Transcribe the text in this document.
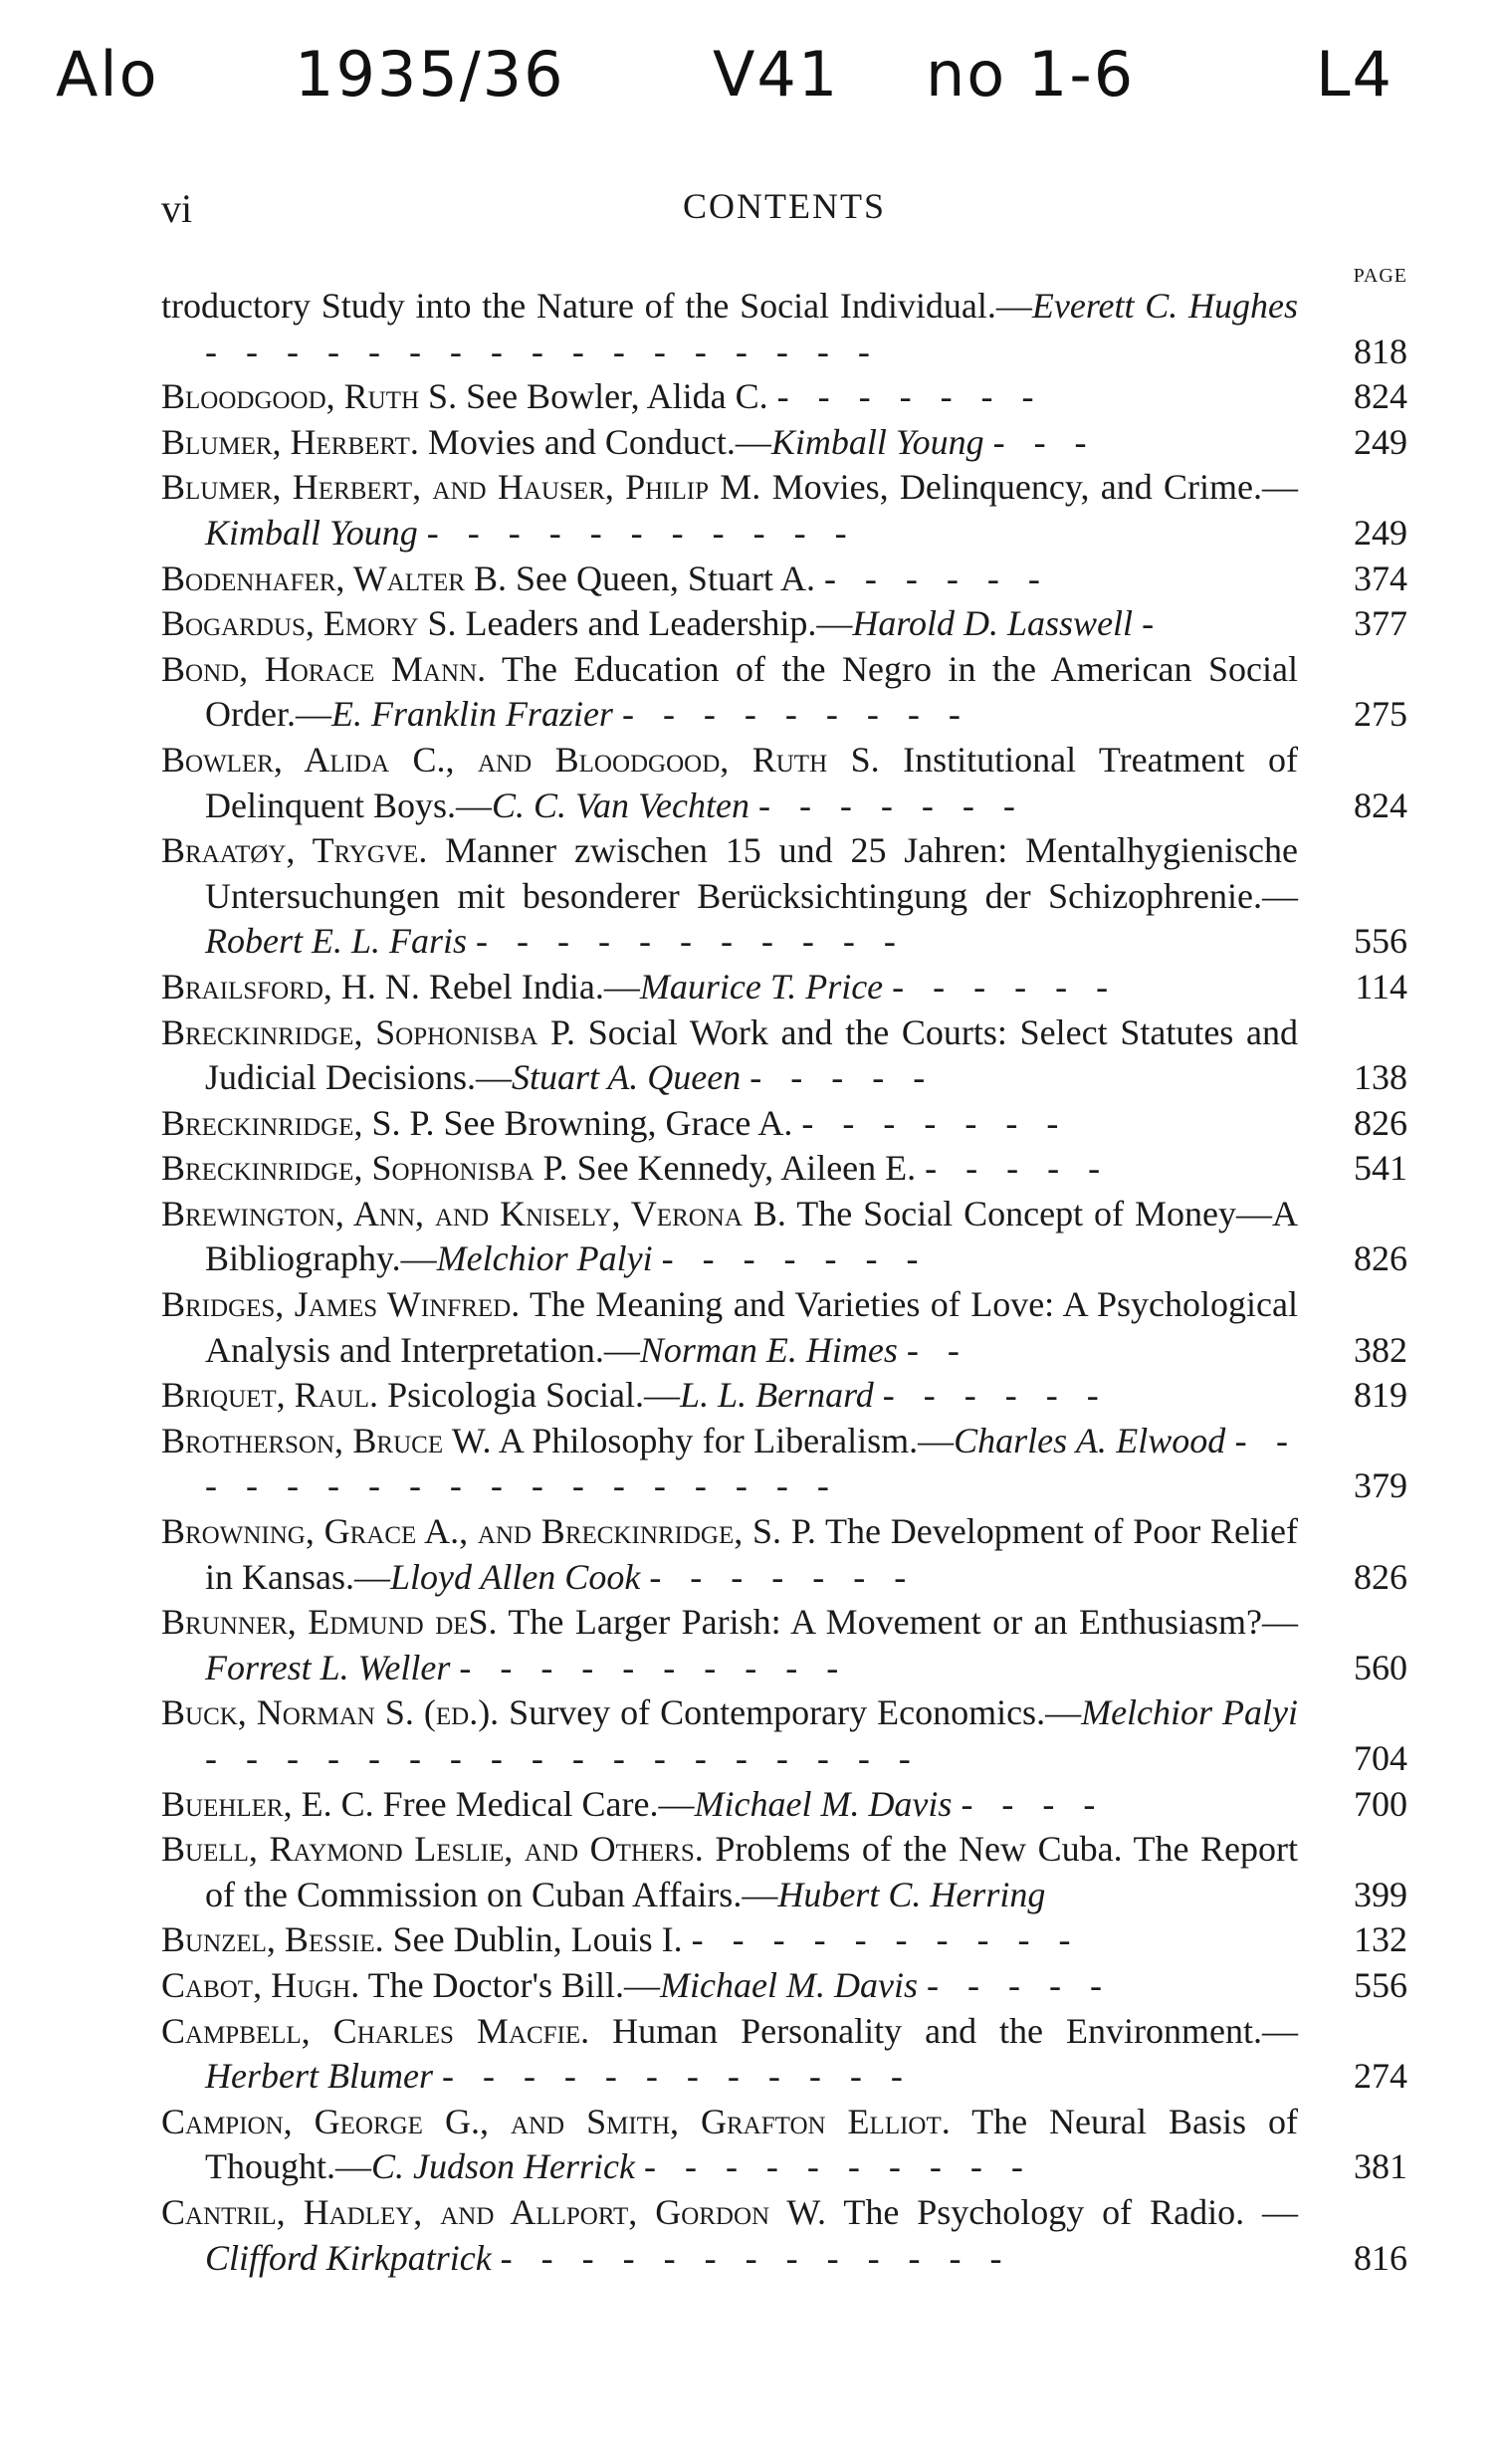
Alo 1935/36 V41 no 1-6	L4
vi	CONTENTS
PAGE
troductory Study into the Nature of the Social Individual.—Everett C. Hughes - - - - - - - - - - - - - - - - -	818
Bloodgood, Ruth S. See Bowler, Alida C. - - - - - - -	824
Blumer, Herbert. Movies and Conduct.—Kimball Young - - -	249
Blumer, Herbert, and Hauser, Philip M. Movies, Delinquency, and Crime.—Kimball Young - - - - - - - - - - -	249
Bodenhafer, Walter B. See Queen, Stuart A. - - - - - -	374
Bogardus, Emory S. Leaders and Leadership.—Harold D. Lasswell -	377
Bond, Horace Mann. The Education of the Negro in the American Social Order.—E. Franklin Frazier - - - - - - - - -	275
Bowler, Alida C., and Bloodgood, Ruth S. Institutional Treatment of Delinquent Boys.—C. C. Van Vechten - - - - - - -	824
Braatøy, Trygve. Manner zwischen 15 und 25 Jahren: Mentalhygienische Untersuchungen mit besonderer Berücksichtingung der Schizophrenie.—Robert E. L. Faris - - - - - - - - - - -	556
Brailsford, H. N. Rebel India.—Maurice T. Price - - - - - -	114
Breckinridge, Sophonisba P. Social Work and the Courts: Select Statutes and Judicial Decisions.—Stuart A. Queen - - - - -	138
Breckinridge, S. P. See Browning, Grace A. - - - - - - -	826
Breckinridge, Sophonisba P. See Kennedy, Aileen E. - - - - -	541
Brewington, Ann, and Knisely, Verona B. The Social Concept of Money—A Bibliography.—Melchior Palyi - - - - - - -	826
Bridges, James Winfred. The Meaning and Varieties of Love: A Psychological Analysis and Interpretation.—Norman E. Himes - -	382
Briquet, Raul. Psicologia Social.—L. L. Bernard - - - - - -	819
Brotherson, Bruce W. A Philosophy for Liberalism.—Charles A. Elwood - - - - - - - - - - - - - - - - - -	379
Browning, Grace A., and Breckinridge, S. P. The Development of Poor Relief in Kansas.—Lloyd Allen Cook - - - - - - -	826
Brunner, Edmund deS. The Larger Parish: A Movement or an Enthusiasm?—Forrest L. Weller - - - - - - - - - -	560
Buck, Norman S. (ed.). Survey of Contemporary Economics.—Melchior Palyi - - - - - - - - - - - - - - - - - -	704
Buehler, E. C. Free Medical Care.—Michael M. Davis - - - -	700
Buell, Raymond Leslie, and Others. Problems of the New Cuba. The Report of the Commission on Cuban Affairs.—Hubert C. Herring	399
Bunzel, Bessie. See Dublin, Louis I. - - - - - - - - - -	132
Cabot, Hugh. The Doctor's Bill.—Michael M. Davis - - - - -	556
Campbell, Charles Macfie. Human Personality and the Environment.—Herbert Blumer - - - - - - - - - - - -	274
Campion, George G., and Smith, Grafton Elliot. The Neural Basis of Thought.—C. Judson Herrick - - - - - - - - - -	381
Cantril, Hadley, and Allport, Gordon W. The Psychology of Radio. —Clifford Kirkpatrick - - - - - - - - - - - - -	816
